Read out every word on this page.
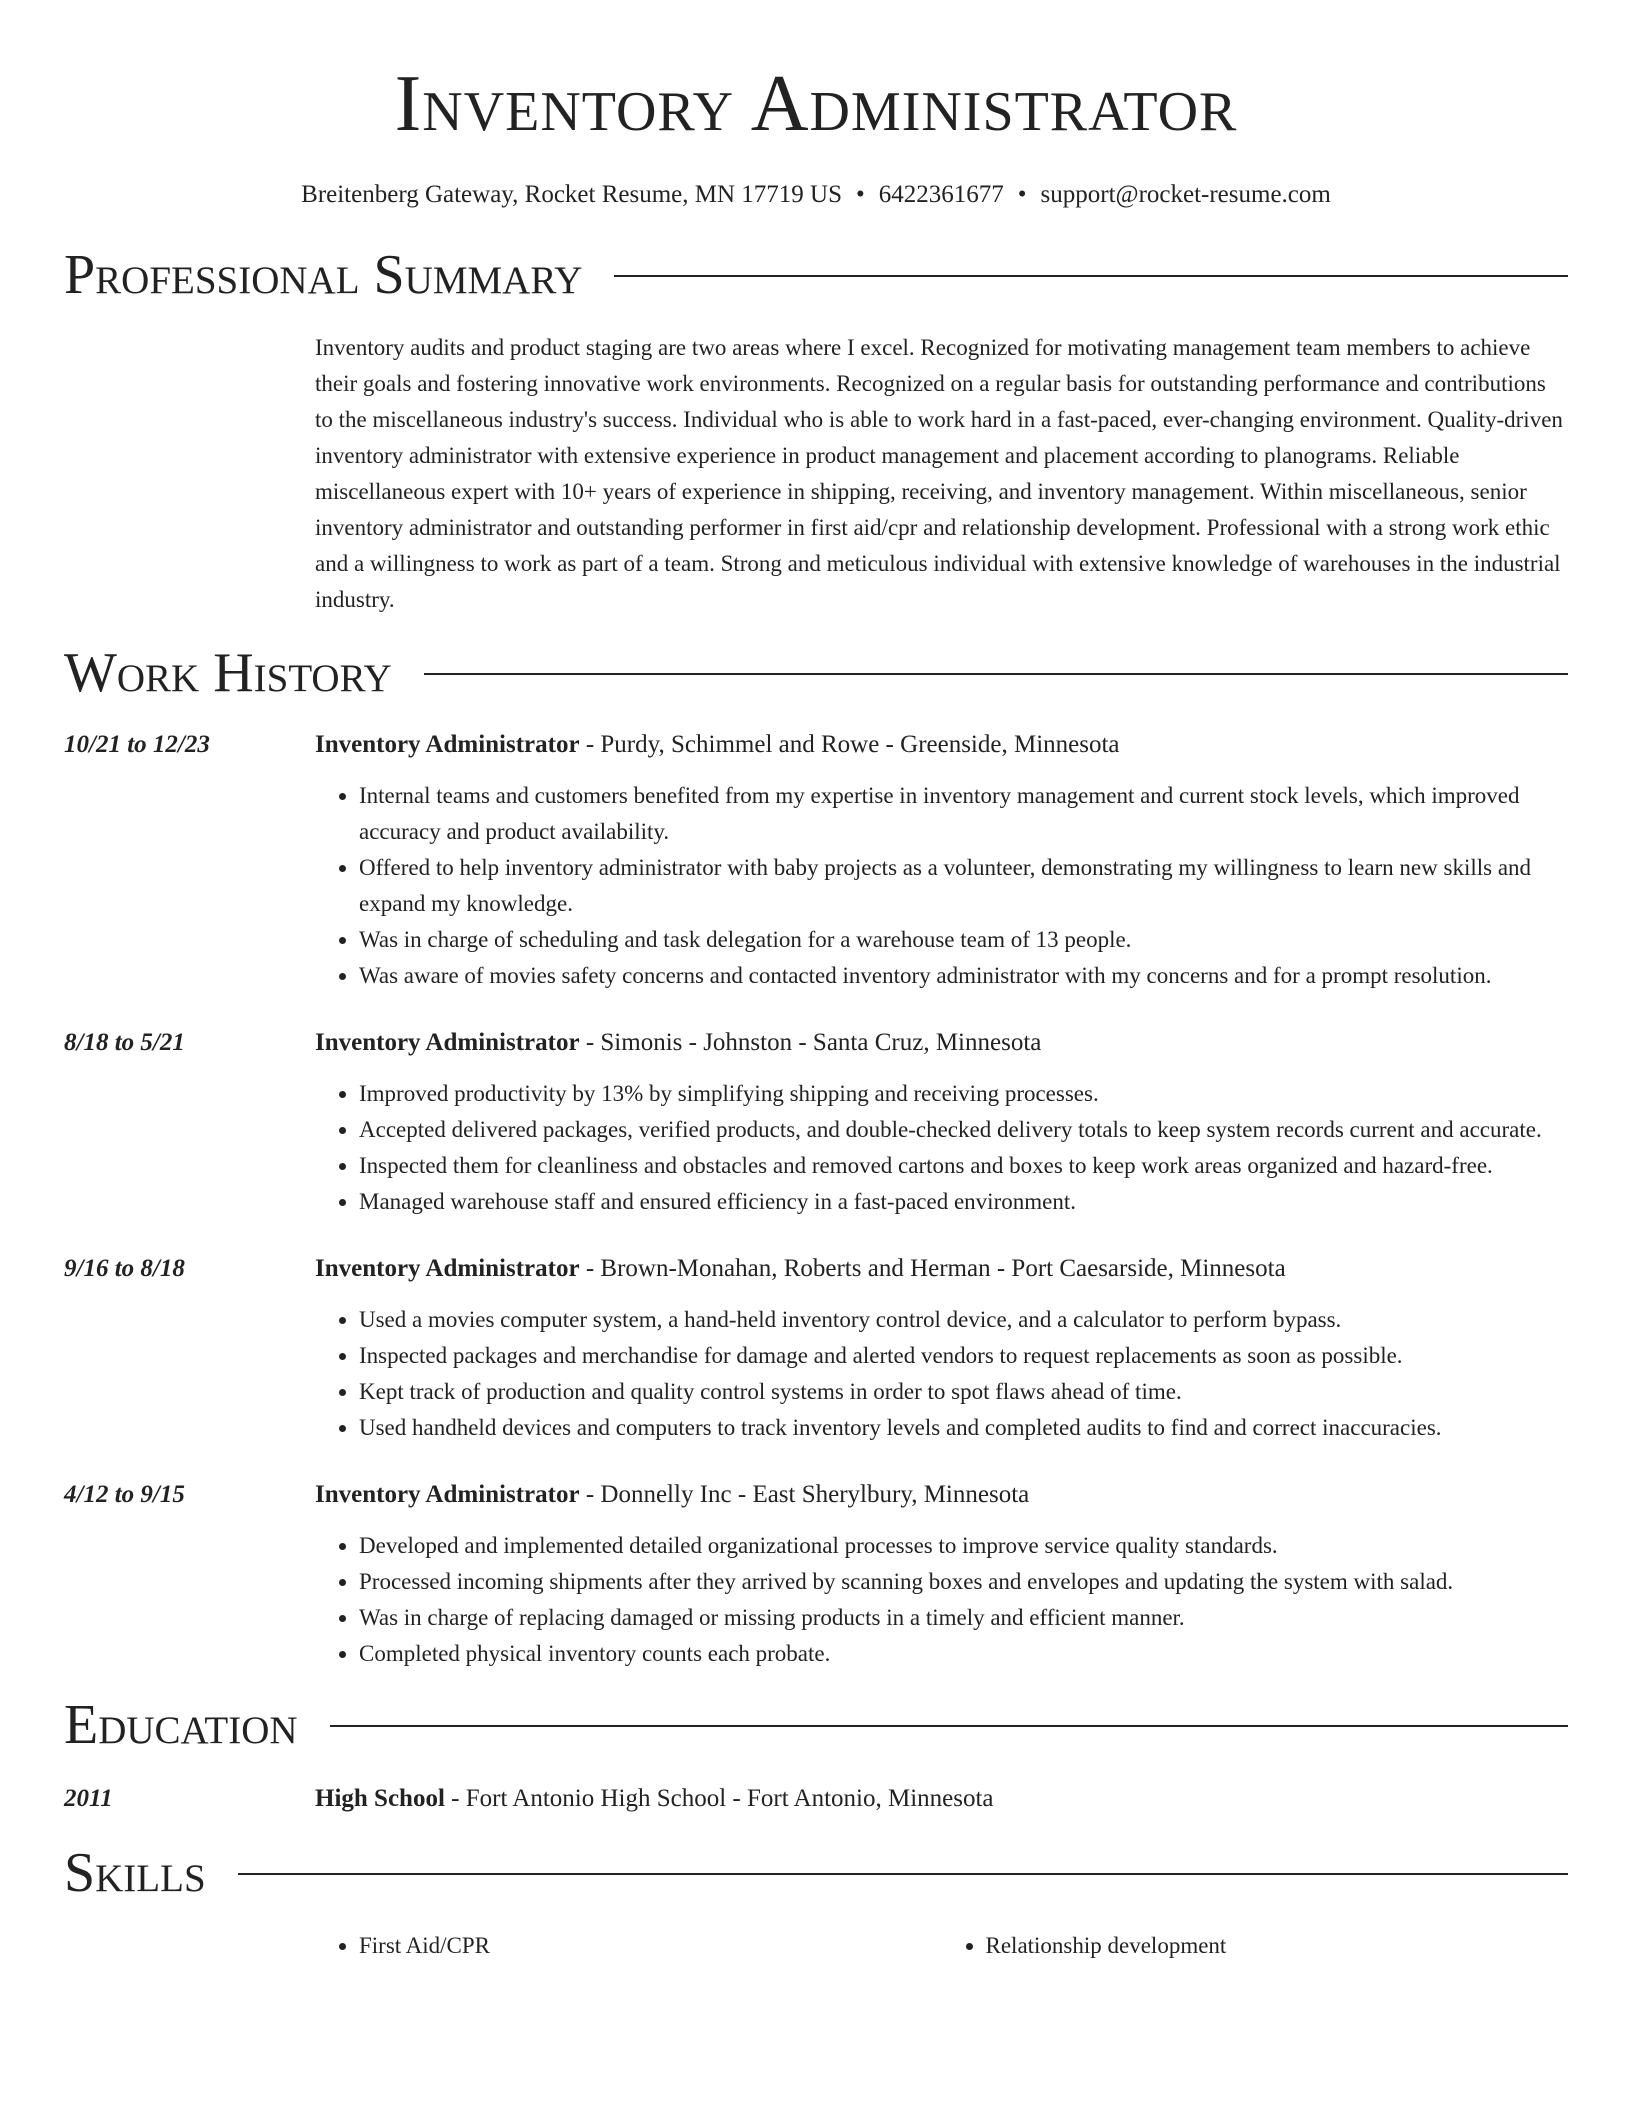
Inventory Administrator
Breitenberg Gateway, Rocket Resume, MN 17719 US • 6422361677 • support@rocket-resume.com
Professional Summary
Inventory audits and product staging are two areas where I excel. Recognized for motivating management team members to achieve their goals and fostering innovative work environments. Recognized on a regular basis for outstanding performance and contributions to the miscellaneous industry's success. Individual who is able to work hard in a fast-paced, ever-changing environment. Quality-driven inventory administrator with extensive experience in product management and placement according to planograms. Reliable miscellaneous expert with 10+ years of experience in shipping, receiving, and inventory management. Within miscellaneous, senior inventory administrator and outstanding performer in first aid/cpr and relationship development. Professional with a strong work ethic and a willingness to work as part of a team. Strong and meticulous individual with extensive knowledge of warehouses in the industrial industry.
Work History
10/21 to 12/23	Inventory Administrator - Purdy, Schimmel and Rowe - Greenside, Minnesota
• Internal teams and customers benefited from my expertise in inventory management and current stock levels, which improved accuracy and product availability.
• Offered to help inventory administrator with baby projects as a volunteer, demonstrating my willingness to learn new skills and expand my knowledge.
• Was in charge of scheduling and task delegation for a warehouse team of 13 people.
• Was aware of movies safety concerns and contacted inventory administrator with my concerns and for a prompt resolution.
8/18 to 5/21	Inventory Administrator - Simonis - Johnston - Santa Cruz, Minnesota
• Improved productivity by 13% by simplifying shipping and receiving processes.
• Accepted delivered packages, verified products, and double-checked delivery totals to keep system records current and accurate.
• Inspected them for cleanliness and obstacles and removed cartons and boxes to keep work areas organized and hazard-free.
• Managed warehouse staff and ensured efficiency in a fast-paced environment.
9/16 to 8/18	Inventory Administrator - Brown-Monahan, Roberts and Herman - Port Caesarside, Minnesota
• Used a movies computer system, a hand-held inventory control device, and a calculator to perform bypass.
• Inspected packages and merchandise for damage and alerted vendors to request replacements as soon as possible.
• Kept track of production and quality control systems in order to spot flaws ahead of time.
• Used handheld devices and computers to track inventory levels and completed audits to find and correct inaccuracies.
4/12 to 9/15	Inventory Administrator - Donnelly Inc - East Sherylbury, Minnesota
• Developed and implemented detailed organizational processes to improve service quality standards.
• Processed incoming shipments after they arrived by scanning boxes and envelopes and updating the system with salad.
• Was in charge of replacing damaged or missing products in a timely and efficient manner.
• Completed physical inventory counts each probate.
Education
2011	High School - Fort Antonio High School - Fort Antonio, Minnesota
Skills
• First Aid/CPR
•	Relationship development
